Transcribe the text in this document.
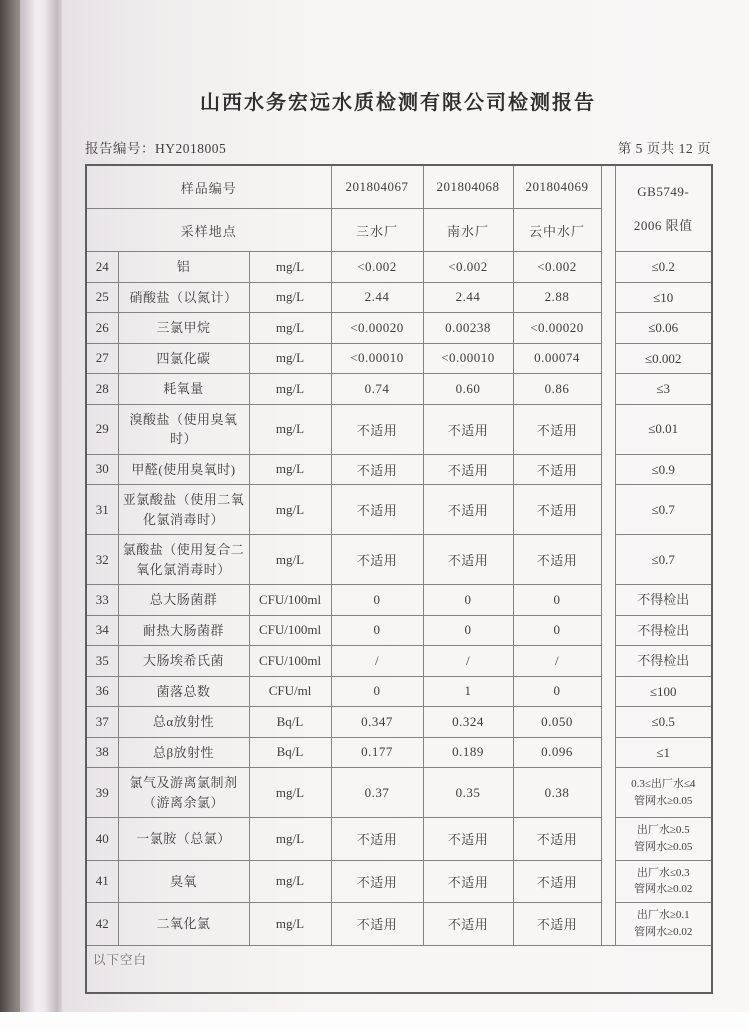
山西水务宏远水质检测有限公司检测报告
报告编号：HY2018005	第 5 页共 12 页
样品编号			201804067	201804068	201804069		GB5749-
2006 限值
采样地点			三水厂	南水厂	云中水厂		
24	铝	mg/L	<0.002	<0.002	<0.002		≤0.2

25	硝酸盐（以氮计）	mg/L	2.44	2.44	2.88		≤10

26	三氯甲烷	mg/L	<0.00020	0.00238	<0.00020		≤0.06

27	四氯化碳	mg/L	<0.00010	<0.00010	0.00074		≤0.002

28	耗氧量	mg/L	0.74	0.60	0.86		≤3

29	溴酸盐（使用臭氧时）	mg/L	不适用	不适用	不适用		≤0.01

30	甲醛(使用臭氧时)	mg/L	不适用	不适用	不适用		≤0.9

31	亚氯酸盐（使用二氧化氯消毒时）	mg/L	不适用	不适用	不适用		≤0.7

32	氯酸盐（使用复合二氧化氯消毒时）	mg/L	不适用	不适用	不适用		≤0.7

33	总大肠菌群	CFU/100ml	0	0	0		不得检出

34	耐热大肠菌群	CFU/100ml	0	0	0		不得检出

35	大肠埃希氏菌	CFU/100ml	/	/	/		不得检出

36	菌落总数	CFU/ml	0	1	0		≤100

37	总α放射性	Bq/L	0.347	0.324	0.050		≤0.5

38	总β放射性	Bq/L	0.177	0.189	0.096		≤1

39	氯气及游离氯制剂（游离余氯）	mg/L	0.37	0.35	0.38		0.3≤出厂水≤4
管网水≥0.05

40	一氯胺（总氯）	mg/L	不适用	不适用	不适用		出厂水≥0.5
管网水≥0.05

41	臭氧	mg/L	不适用	不适用	不适用		出厂水≤0.3
管网水≥0.02

42	二氧化氯	mg/L	不适用	不适用	不适用		出厂水≥0.1
管网水≥0.02

以下空白							
